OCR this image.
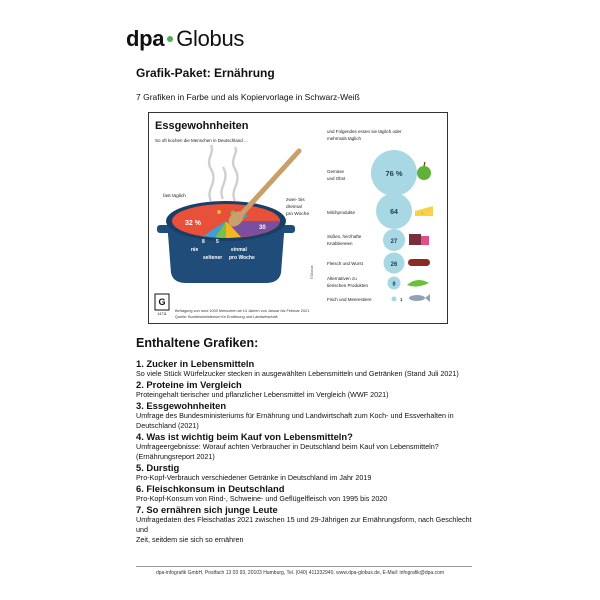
dpa Globus
Grafik-Paket: Ernährung
7 Grafiken in Farbe und als Kopiervorlage in Schwarz-Weiß
Essgewohnheiten
So oft kochen die Menschen in Deutschland ...
und Folgendes essen sie täglich oder
mehrmals täglich
fast täglich
32 %
zwei- bis
dreimal
pro Woche
30
8 5
nie
seltener
einmal
pro Woche
Gemüse
und Obst
76 %
Milchprodukte	64
Süßes, herzhafte
Knabbereien	27
Fleisch und Wurst	26
Alternativen zu
tierischen Produkten	8
Fisch und Meerestiere	1
G
14711
Befragung von rund 1000 Menschen ab 14 Jahren von Januar bis Februar 2021
Quelle: Bundesministerium für Ernährung und Landwirtschaft
©Globus
Enthaltene Grafiken:
1. Zucker in Lebensmitteln
So viele Stück Würfelzucker stecken in ausgewählten Lebensmitteln und Getränken (Stand Juli 2021)
2. Proteine im Vergleich
Proteingehalt tierischer und pflanzlicher Lebensmittel im Vergleich (WWF 2021)
3. Essgewohnheiten
Umfrage des Bundesministeriums für Ernährung und Landwirtschaft zum Koch- und Essverhalten in
Deutschland (2021)
4. Was ist wichtig beim Kauf von Lebensmitteln?
Umfrageergebnisse: Worauf achten Verbraucher in Deutschland beim Kauf von Lebensmitteln?
(Ernährungsreport 2021)
5. Durstig
Pro-Kopf-Verbrauch verschiedener Getränke in Deutschland im Jahr 2019
6. Fleischkonsum in Deutschland
Pro-Kopf-Konsum von Rind-, Schweine- und Geflügelfleisch von 1995 bis 2020
7. So ernähren sich junge Leute
Umfragedaten des Fleischatlas 2021 zwischen 15 und 29-Jährigen zur Ernährungsform, nach Geschlecht und
Zeit, seitdem sie sich so ernähren
dpa-infografik GmbH, Postfach 13 03 93, 20103 Hamburg, Tel. (040) 411332940, www.dpa-globus.de, E-Mail: infografik@dpa.com
